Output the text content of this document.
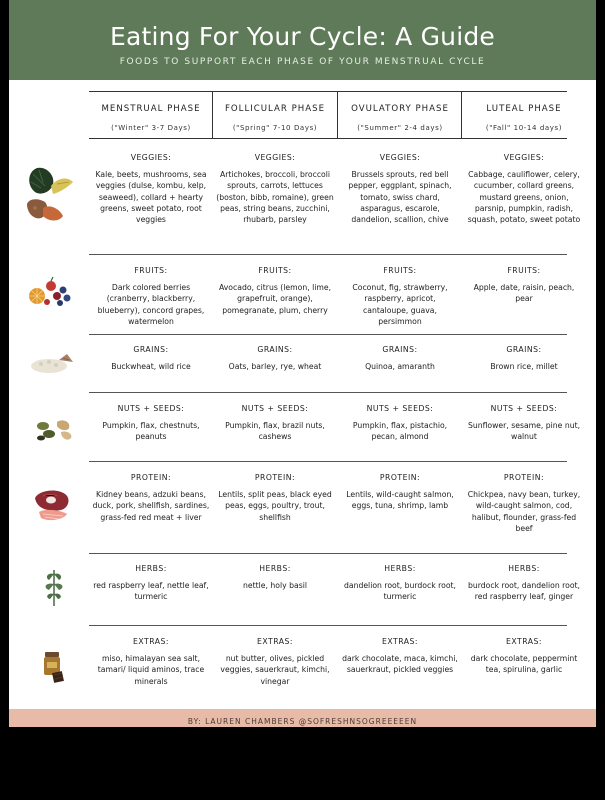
Eating For Your Cycle: A Guide
FOODS TO SUPPORT EACH PHASE OF YOUR MENSTRUAL CYCLE
MENSTRUAL PHASE
("Winter" 3-7 Days)
FOLLICULAR PHASE
("Spring" 7-10 Days)
OVULATORY PHASE
("Summer" 2-4 days)
LUTEAL PHASE
("Fall" 10-14 days)
VEGGIES:
Kale, beets, mushrooms, sea veggies (dulse, kombu, kelp, seaweed), collard + hearty greens, sweet potato, root veggies
VEGGIES:
Artichokes, broccoli, broccoli sprouts, carrots, lettuces (boston, bibb, romaine), green peas, string beans, zucchini, rhubarb, parsley
VEGGIES:
Brussels sprouts, red bell pepper, eggplant, spinach, tomato, swiss chard, asparagus, escarole, dandelion, scallion, chive
VEGGIES:
Cabbage, cauliflower, celery, cucumber, collard greens, mustard greens, onion, parsnip, pumpkin, radish, squash, potato, sweet potato
FRUITS:
Dark colored berries (cranberry, blackberry, blueberry), concord grapes, watermelon
FRUITS:
Avocado, citrus (lemon, lime, grapefruit, orange), pomegranate, plum, cherry
FRUITS:
Coconut, fig, strawberry, raspberry, apricot, cantaloupe, guava, persimmon
FRUITS:
Apple, date, raisin, peach, pear
GRAINS:
Buckwheat, wild rice
GRAINS:
Oats, barley, rye, wheat
GRAINS:
Quinoa, amaranth
GRAINS:
Brown rice, millet
NUTS + SEEDS:
Pumpkin, flax, chestnuts, peanuts
NUTS + SEEDS:
Pumpkin, flax, brazil nuts, cashews
NUTS + SEEDS:
Pumpkin, flax, pistachio, pecan, almond
NUTS + SEEDS:
Sunflower, sesame, pine nut, walnut
PROTEIN:
Kidney beans, adzuki beans, duck, pork, shellfish, sardines, grass-fed red meat + liver
PROTEIN:
Lentils, split peas, black eyed peas, eggs, poultry, trout, shellfish
PROTEIN:
Lentils, wild-caught salmon, eggs, tuna, shrimp, lamb
PROTEIN:
Chickpea, navy bean, turkey, wild-caught salmon, cod, halibut, flounder, grass-fed beef
HERBS:
red raspberry leaf, nettle leaf, turmeric
HERBS:
nettle, holy basil
HERBS:
dandelion root, burdock root, turmeric
HERBS:
burdock root, dandelion root, red raspberry leaf, ginger
EXTRAS:
miso, himalayan sea salt, tamari/ liquid aminos, trace minerals
EXTRAS:
nut butter, olives, pickled veggies, sauerkraut, kimchi, vinegar
EXTRAS:
dark chocolate, maca, kimchi, sauerkraut, pickled veggies
EXTRAS:
dark chocolate, peppermint tea, spirulina, garlic
BY: LAUREN CHAMBERS @SOFRESHNSOGREEEEEN
